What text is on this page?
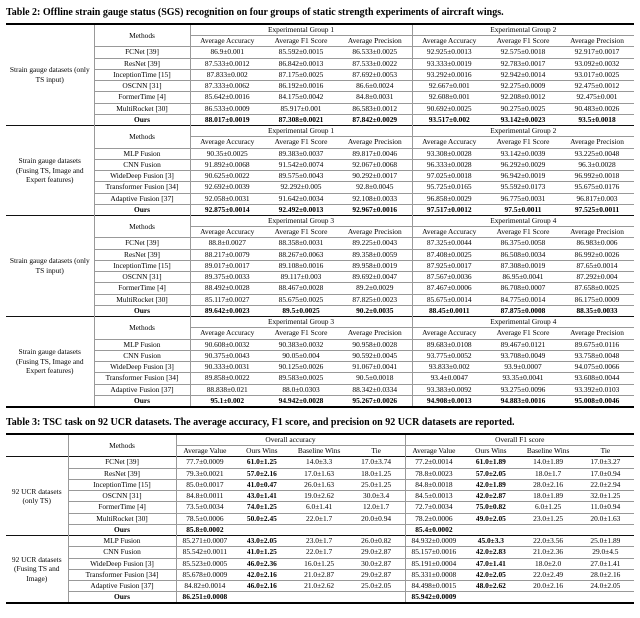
Table 2: Offline strain gauge status (SGS) recognition on four groups of static strength experiments of aircraft wings.
Strain gauge datasets (only TS input)	Methods	Experimental Group 1			Experimental Group 2		
		Average Accuracy	Average F1 Score	Average Precision	Average Accuracy	Average F1 Score	Average Precision
	FCNet [39]	86.9±0.001	85.592±0.0015	86.533±0.0025	92.925±0.0013	92.575±0.0018	92.917±0.0017
	ResNet [39]	87.533±0.0012	86.842±0.0013	87.533±0.0022	93.333±0.0019	92.783±0.0017	93.092±0.0032
	InceptionTime [15]	87.833±0.002	87.175±0.0025	87.692±0.0053	93.292±0.0016	92.942±0.0014	93.017±0.0025
	OSCNN [31]	87.333±0.0062	86.192±0.0016	86.6±0.0024	92.667±0.001	92.275±0.0009	92.475±0.0012
	FormerTime [4]	85.642±0.0016	84.175±0.0042	84.8±0.0031	92.608±0.001	92.208±0.0012	92.475±0.001
	MultiRocket [30]	86.533±0.0009	85.917±0.001	86.583±0.0012	90.692±0.0025	90.275±0.0025	90.483±0.0026
	Ours	88.017±0.0019	87.308±0.0021	87.842±0.0029	93.517±0.002	93.142±0.0023	93.5±0.0018
Strain gauge datasets (Fusing TS, Image and Expert features)	Methods	Experimental Group 1			Experimental Group 2		
		Average Accuracy	Average F1 Score	Average Precision	Average Accuracy	Average F1 Score	Average Precision
	MLP Fusion	90.35±0.0025	89.383±0.0037	89.817±0.0046	93.308±0.0028	93.142±0.0039	93.225±0.0048
	CNN Fusion	91.892±0.0068	91.542±0.0074	92.067±0.0068	96.333±0.0028	96.292±0.0029	96.3±0.0028
	WideDeep Fusion [3]	90.625±0.0022	89.575±0.0043	90.292±0.0017	97.025±0.0018	96.942±0.0019	96.992±0.0018
	Transformer Fusion [34]	92.692±0.0039	92.292±0.005	92.8±0.0045	95.725±0.0165	95.592±0.0173	95.675±0.0176
	Adaptive Fusion [37]	92.058±0.0031	91.642±0.0034	92.108±0.0033	96.858±0.0029	96.775±0.0031	96.817±0.003
	Ours	92.875±0.0014	92.492±0.0013	92.967±0.0016	97.517±0.0012	97.5±0.0011	97.525±0.0011
Strain gauge datasets (only TS input)	Methods	Experimental Group 3			Experimental Group 4		
		Average Accuracy	Average F1 Score	Average Precision	Average Accuracy	Average F1 Score	Average Precision
	FCNet [39]	88.8±0.0027	88.358±0.0031	89.225±0.0043	87.325±0.0044	86.375±0.0058	86.983±0.006
	ResNet [39]	88.217±0.0079	88.267±0.0063	89.358±0.0059	87.408±0.0025	86.508±0.0034	86.992±0.0026
	InceptionTime [15]	89.017±0.0017	89.108±0.0016	89.958±0.0019	87.925±0.0017	87.308±0.0019	87.65±0.0014
	OSCNN [31]	89.375±0.0033	89.117±0.003	89.692±0.0047	87.567±0.0036	86.95±0.0041	87.292±0.004
	FormerTime [4]	88.492±0.0028	88.467±0.0028	89.2±0.0029	87.467±0.0006	86.708±0.0007	87.658±0.0025
	MultiRocket [30]	85.117±0.0027	85.675±0.0025	87.825±0.0023	85.675±0.0014	84.775±0.0014	86.175±0.0009
	Ours	89.642±0.0023	89.5±0.0025	90.2±0.0035	88.45±0.0011	87.875±0.0008	88.35±0.0033
Strain gauge datasets (Fusing TS, Image and Expert features)	Methods	Experimental Group 3			Experimental Group 4		
		Average Accuracy	Average F1 Score	Average Precision	Average Accuracy	Average F1 Score	Average Precision
	MLP Fusion	90.608±0.0032	90.383±0.0032	90.958±0.0028	89.683±0.0108	89.467±0.0121	89.675±0.0116
	CNN Fusion	90.375±0.0043	90.05±0.004	90.592±0.0045	93.775±0.0052	93.708±0.0049	93.758±0.0048
	WideDeep Fusion [3]	90.333±0.0031	90.125±0.0026	91.067±0.0041	93.833±0.002	93.9±0.0007	94.075±0.0066
	Transformer Fusion [34]	89.858±0.0022	89.583±0.0025	90.5±0.0018	93.4±0.0047	93.35±0.0041	93.608±0.0044
	Adaptive Fusion [37]	88.838±0.021	88.0±0.0303	88.342±0.0334	93.383±0.0092	93.275±0.0096	93.392±0.0103
	Ours	95.1±0.002	94.942±0.0028	95.267±0.0026	94.908±0.0013	94.883±0.0016	95.008±0.0046
Table 3: TSC task on 92 UCR datasets. The average accuracy, F1 score, and precision on 92 UCR datasets are reported.
	Methods	Overall accuracy				Overall F1 score			
		Average Value	Ours Wins	Baseline Wins	Tie	Average Value	Ours Wins	Baseline Wins	Tie
92 UCR datasets (only TS)	FCNet [39]	77.7±0.0009	61.0±1.25	14.0±3.3	17.0±3.74	77.2±0.0014	61.0±1.89	14.0±1.89	17.0±3.27
	ResNet [39]	79.3±0.0021	57.0±2.16	17.0±1.63	18.0±1.25	78.8±0.0023	57.0±2.05	18.0±1.7	17.0±0.94
	InceptionTime [15]	85.0±0.0017	41.0±0.47	26.0±1.63	25.0±1.25	84.8±0.0018	42.0±1.89	28.0±2.16	22.0±2.94
	OSCNN [31]	84.8±0.0011	43.0±1.41	19.0±2.62	30.0±3.4	84.5±0.0013	42.0±2.87	18.0±1.89	32.0±1.25
	FormerTime [4]	73.5±0.0034	74.0±1.25	6.0±1.41	12.0±1.7	72.7±0.0034	75.0±0.82	6.0±1.25	11.0±0.94
	MultiRocket [30]	78.5±0.0006	50.0±2.45	22.0±1.7	20.0±0.94	78.2±0.0006	49.0±2.05	23.0±1.25	20.0±1.63
	Ours	85.8±0.0002				85.4±0.0002			
92 UCR datasets (Fusing TS and Image)	MLP Fusion	85.271±0.0007	43.0±2.05	23.0±1.7	26.0±0.82	84.932±0.0009	45.0±3.3	22.0±3.56	25.0±1.89
	CNN Fusion	85.542±0.0011	41.0±1.25	22.0±1.7	29.0±2.87	85.157±0.0016	42.0±2.83	21.0±2.36	29.0±4.5
	WideDeep Fusion [3]	85.523±0.0005	46.0±2.36	16.0±1.25	30.0±2.87	85.191±0.0004	47.0±1.41	18.0±2.0	27.0±1.41
	Transformer Fusion [34]	85.678±0.0009	42.0±2.16	21.0±2.87	29.0±2.87	85.331±0.0008	42.0±2.05	22.0±2.49	28.0±2.16
	Adaptive Fusion [37]	84.82±0.0014	46.0±2.16	21.0±2.62	25.0±2.05	84.498±0.0015	48.0±2.62	20.0±2.16	24.0±2.05
	Ours	86.251±0.0008				85.942±0.0009			
